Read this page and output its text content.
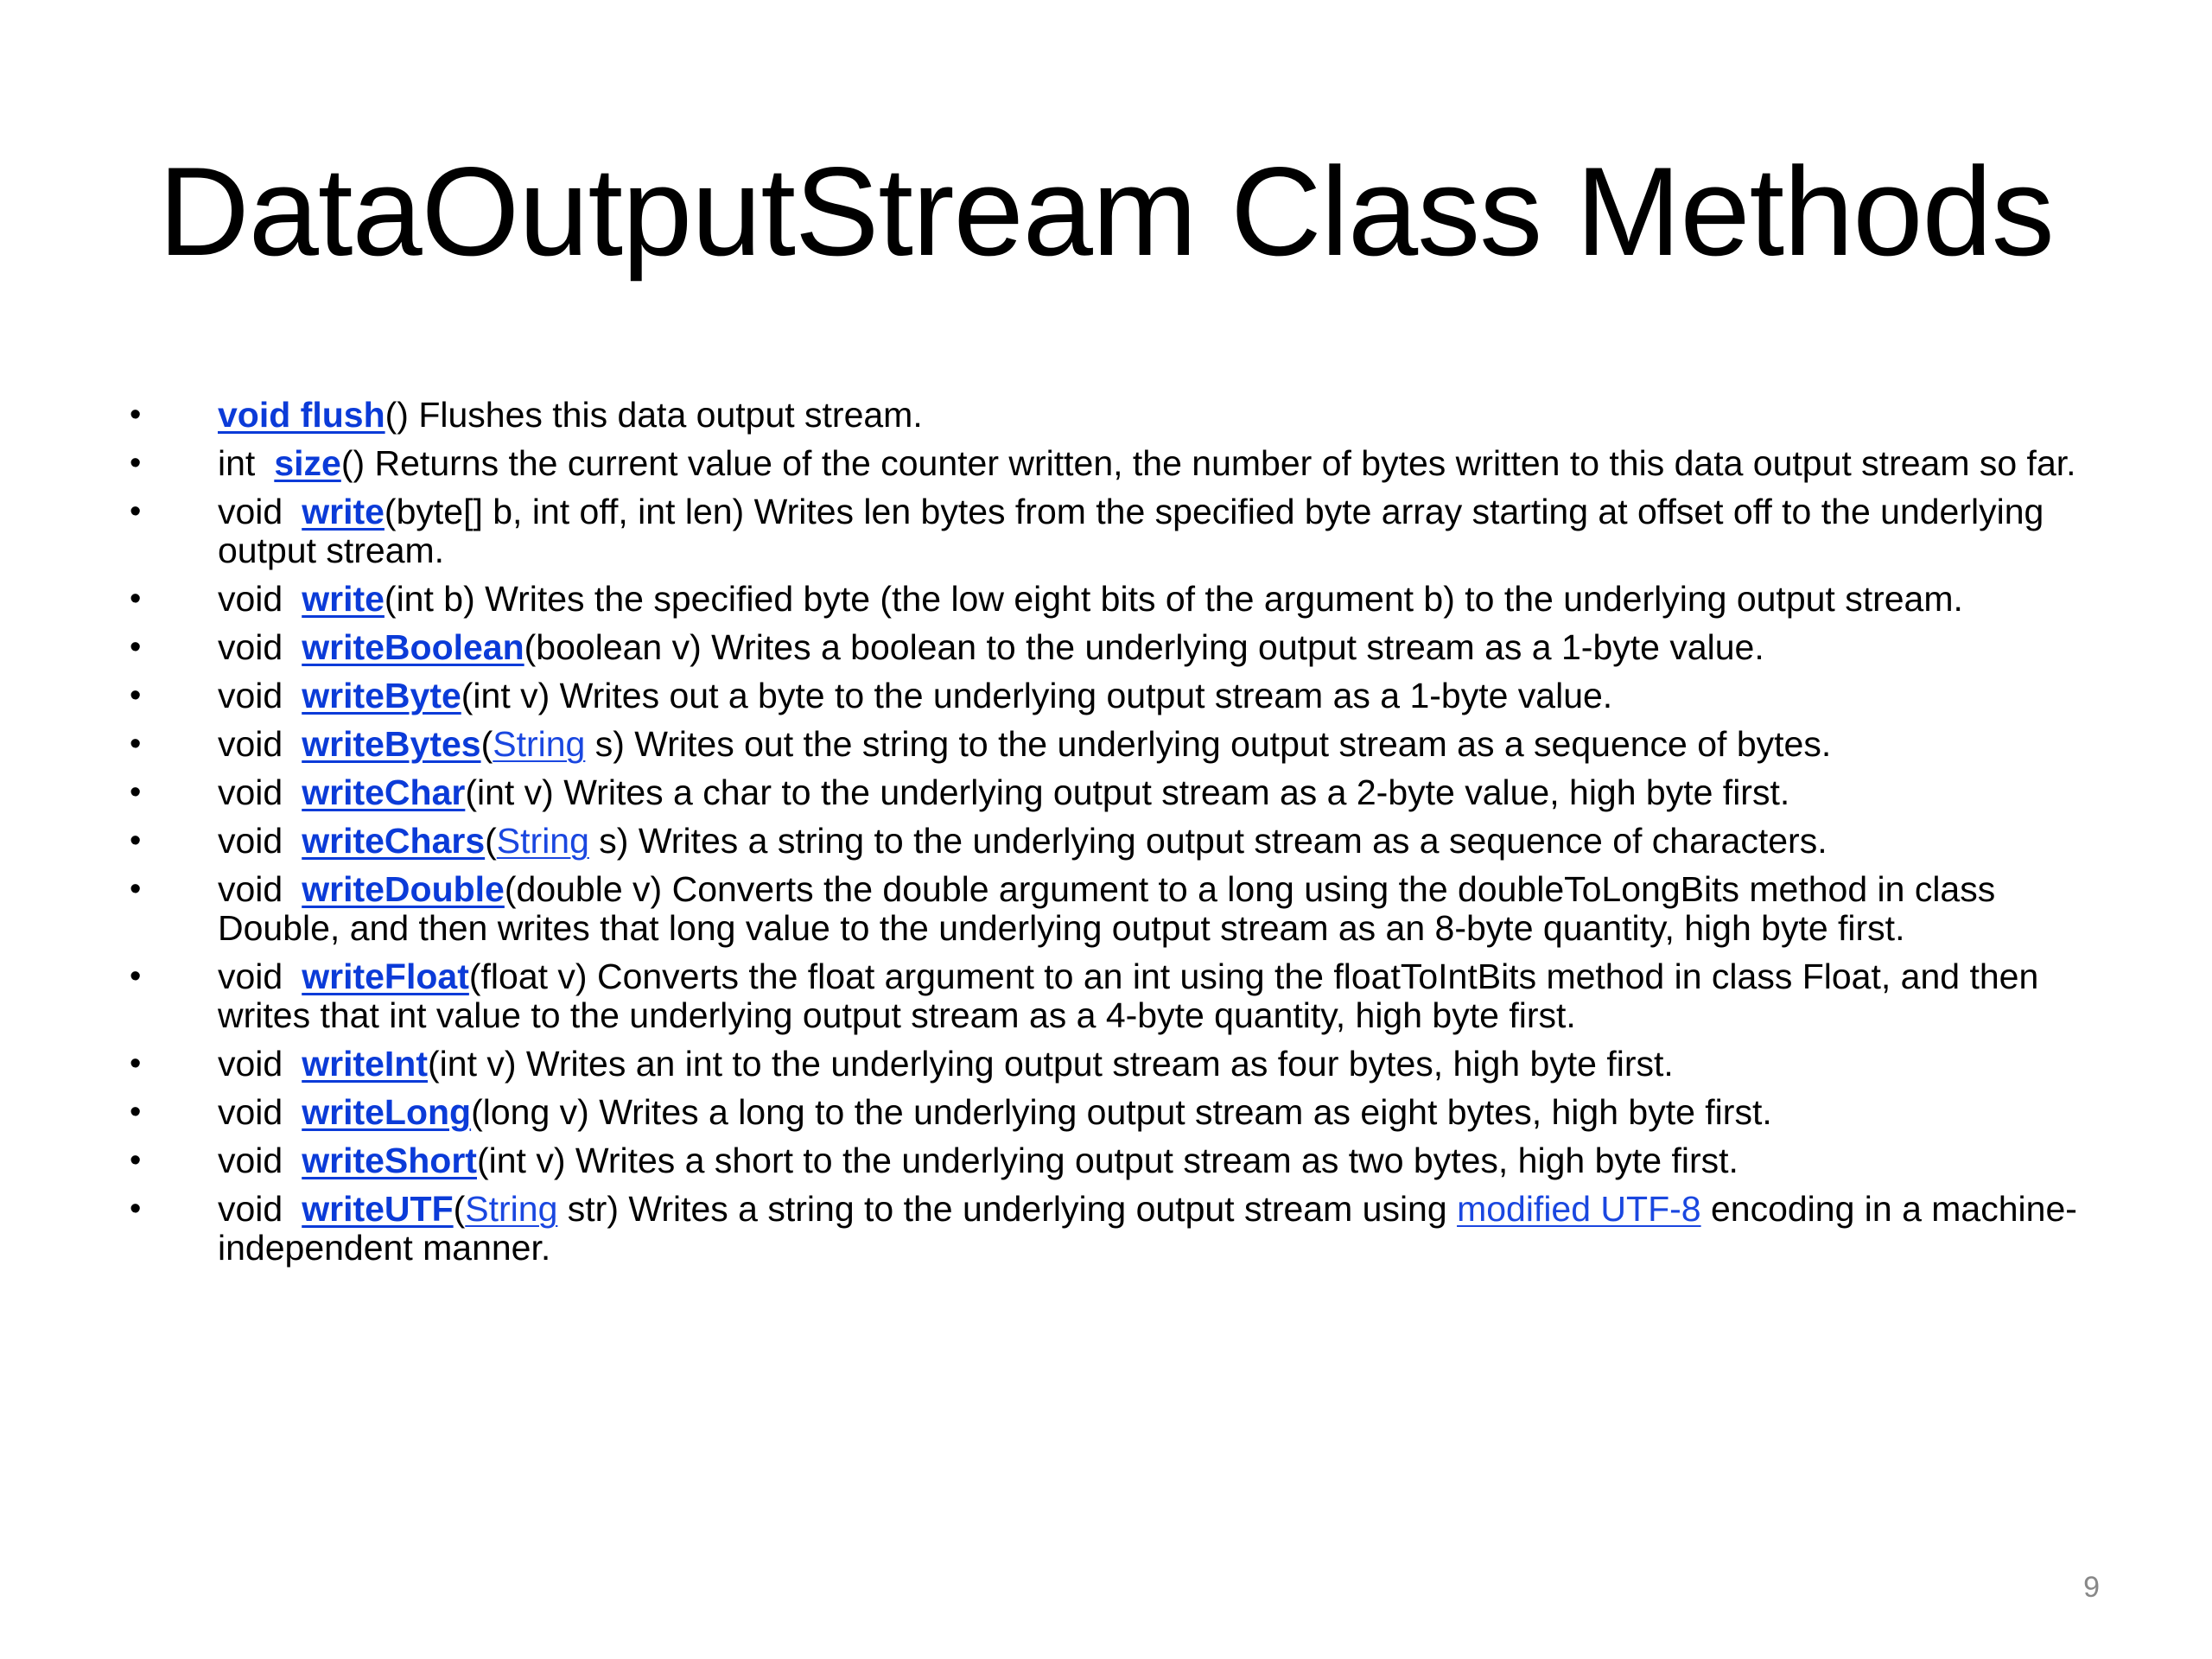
DataOutputStream Class Methods
•	void flush() Flushes this data output stream.
•	int size() Returns the current value of the counter written, the number of bytes written to this data output stream so far.
•	void write(byte[] b, int off, int len) Writes len bytes from the specified byte array starting at offset off to the underlying output stream.
•	void write(int b) Writes the specified byte (the low eight bits of the argument b) to the underlying output stream.
•	void writeBoolean(boolean v) Writes a boolean to the underlying output stream as a 1-byte value.
•	void writeByte(int v) Writes out a byte to the underlying output stream as a 1-byte value.
•	void writeBytes(String s) Writes out the string to the underlying output stream as a sequence of bytes.
•	void writeChar(int v) Writes a char to the underlying output stream as a 2-byte value, high byte first.
•	void writeChars(String s) Writes a string to the underlying output stream as a sequence of characters.
•	void writeDouble(double v) Converts the double argument to a long using the doubleToLongBits method in class Double, and then writes that long value to the underlying output stream as an 8-byte quantity, high byte first.
•	void writeFloat(float v) Converts the float argument to an int using the floatToIntBits method in class Float, and then writes that int value to the underlying output stream as a 4-byte quantity, high byte first.
•	void writeInt(int v) Writes an int to the underlying output stream as four bytes, high byte first.
•	void writeLong(long v) Writes a long to the underlying output stream as eight bytes, high byte first.
•	void writeShort(int v) Writes a short to the underlying output stream as two bytes, high byte first.
•	void writeUTF(String str) Writes a string to the underlying output stream using modified UTF-8 encoding in a machine-independent manner.
9
